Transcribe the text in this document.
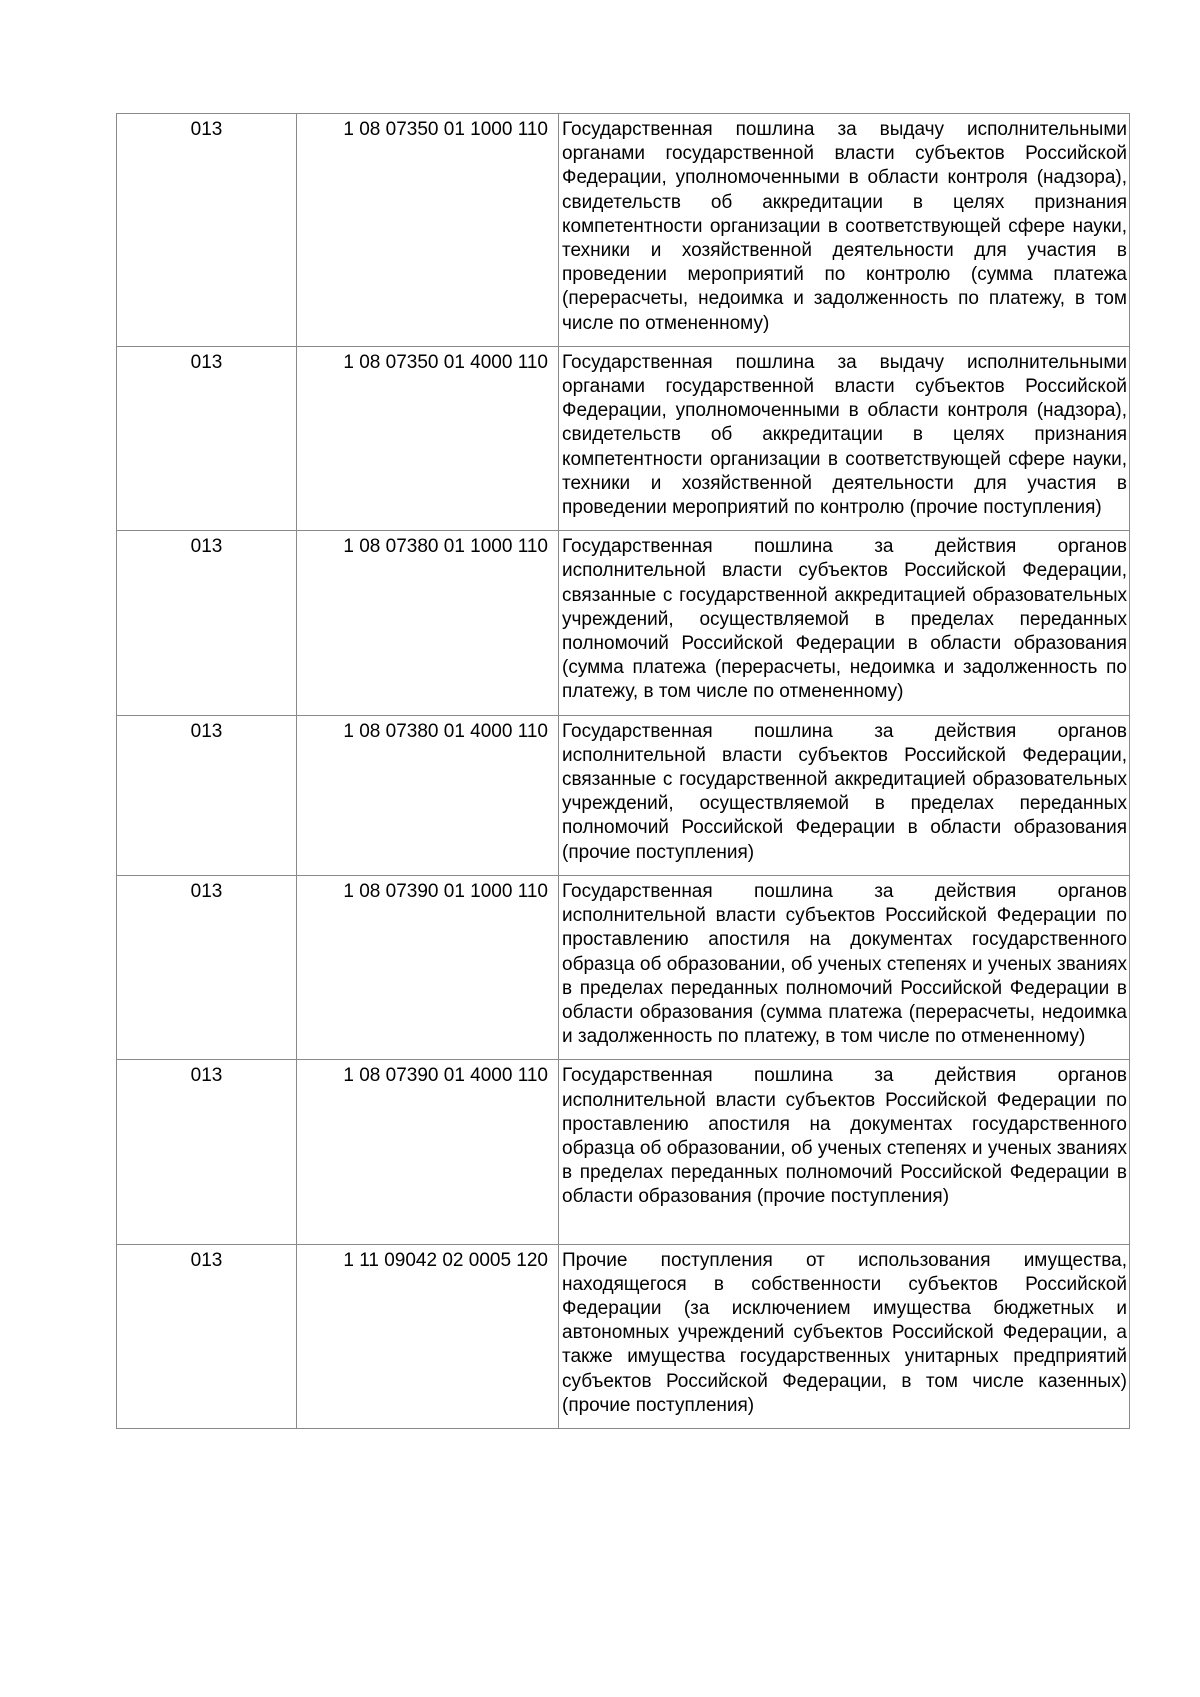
013	1 08 07350 01 1000 110	Государственная пошлина за выдачу исполнительными органами государственной власти субъектов Российской Федерации, уполномоченными в области контроля (надзора), свидетельств об аккредитации в целях признания компетентности организации в соответствующей сфере науки, техники и хозяйственной деятельности для участия в проведении мероприятий по контролю (сумма платежа (перерасчеты, недоимка и задолженность по платежу, в том числе по отмененному)
013	1 08 07350 01 4000 110	Государственная пошлина за выдачу исполнительными органами государственной власти субъектов Российской Федерации, уполномоченными в области контроля (надзора), свидетельств об аккредитации в целях признания компетентности организации в соответствующей сфере науки, техники и хозяйственной деятельности для участия в проведении мероприятий по контролю (прочие поступления)
013	1 08 07380 01 1000 110	Государственная пошлина за действия органов исполнительной власти субъектов Российской Федерации, связанные с государственной аккредитацией образовательных учреждений, осуществляемой в пределах переданных полномочий Российской Федерации в области образования (сумма платежа (перерасчеты, недоимка и задолженность по платежу, в том числе по отмененному)
013	1 08 07380 01 4000 110	Государственная пошлина за действия органов исполнительной власти субъектов Российской Федерации, связанные с государственной аккредитацией образовательных учреждений, осуществляемой в пределах переданных полномочий Российской Федерации в области образования (прочие поступления)
013	1 08 07390 01 1000 110	Государственная пошлина за действия органов исполнительной власти субъектов Российской Федерации по проставлению апостиля на документах государственного образца об образовании, об ученых степенях и ученых званиях в пределах переданных полномочий Российской Федерации в области образования (сумма платежа (перерасчеты, недоимка и задолженность по платежу, в том числе по отмененному)
013	1 08 07390 01 4000 110	Государственная пошлина за действия органов исполнительной власти субъектов Российской Федерации по проставлению апостиля на документах государственного образца об образовании, об ученых степенях и ученых званиях в пределах переданных полномочий Российской Федерации в области образования (прочие поступления)
013	1 11 09042 02 0005 120	Прочие поступления от использования имущества, находящегося в собственности субъектов Российской Федерации (за исключением имущества бюджетных и автономных учреждений субъектов Российской Федерации, а также имущества государственных унитарных предприятий субъектов Российской Федерации, в том числе казенных) (прочие поступления)
